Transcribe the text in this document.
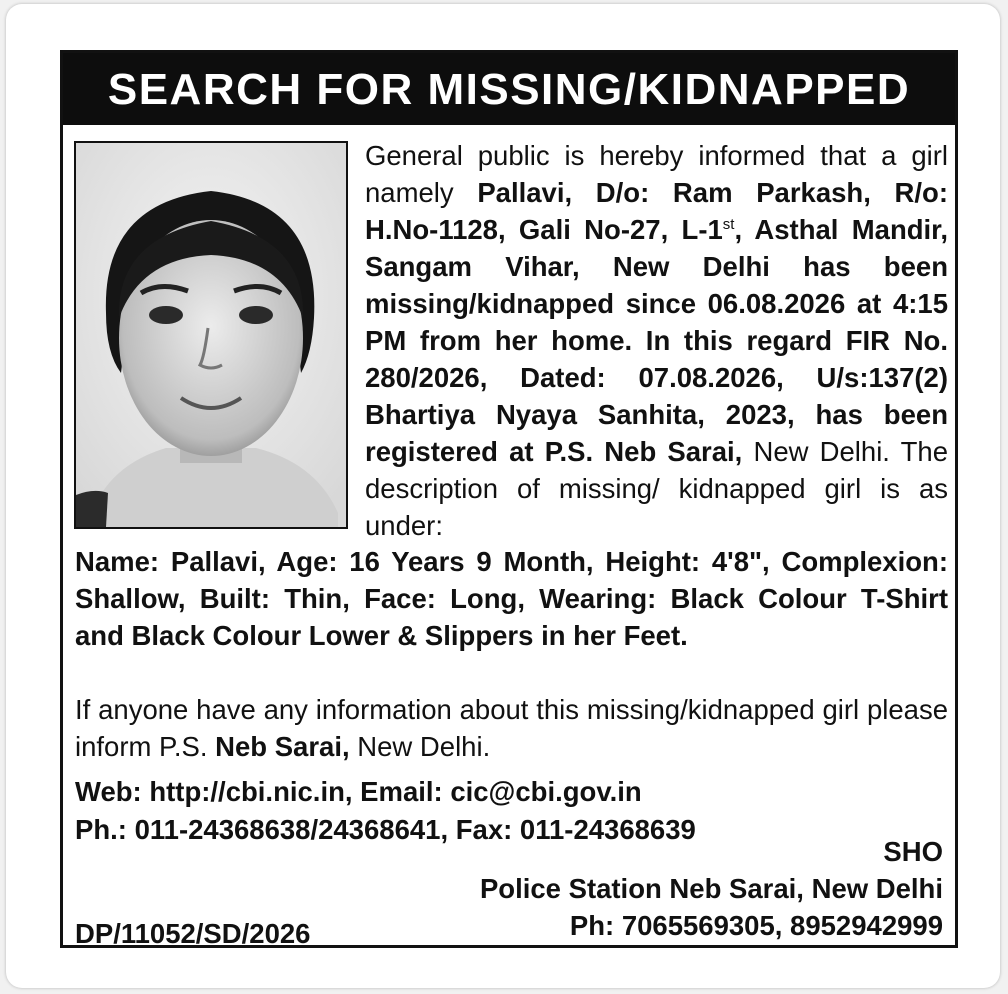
SEARCH FOR MISSING/KIDNAPPED

General public is hereby informed that a girl namely Pallavi, D/o: Ram Parkash, R/o: H.No-1128, Gali No-27, L-1st, Asthal Mandir, Sangam Vihar, New Delhi has been missing/kidnapped since 06.08.2026 at 4:15 PM from her home. In this regard FIR No. 280/2026, Dated: 07.08.2026, U/s:137(2) Bhartiya Nyaya Sanhita, 2023, has been registered at P.S. Neb Sarai, New Delhi. The description of missing/ kidnapped girl is as under:

Name: Pallavi, Age: 16 Years 9 Month, Height: 4'8", Complexion: Shallow, Built: Thin, Face: Long, Wearing: Black Colour T-Shirt and Black Colour Lower & Slippers in her Feet.

If anyone have any information about this missing/kidnapped girl please inform P.S. Neb Sarai, New Delhi.

Web: http://cbi.nic.in, Email: cic@cbi.gov.in
Ph.: 011-24368638/24368641, Fax: 011-24368639
SHO
Police Station Neb Sarai, New Delhi
Ph: 7065569305, 8952942999
DP/11052/SD/2026
